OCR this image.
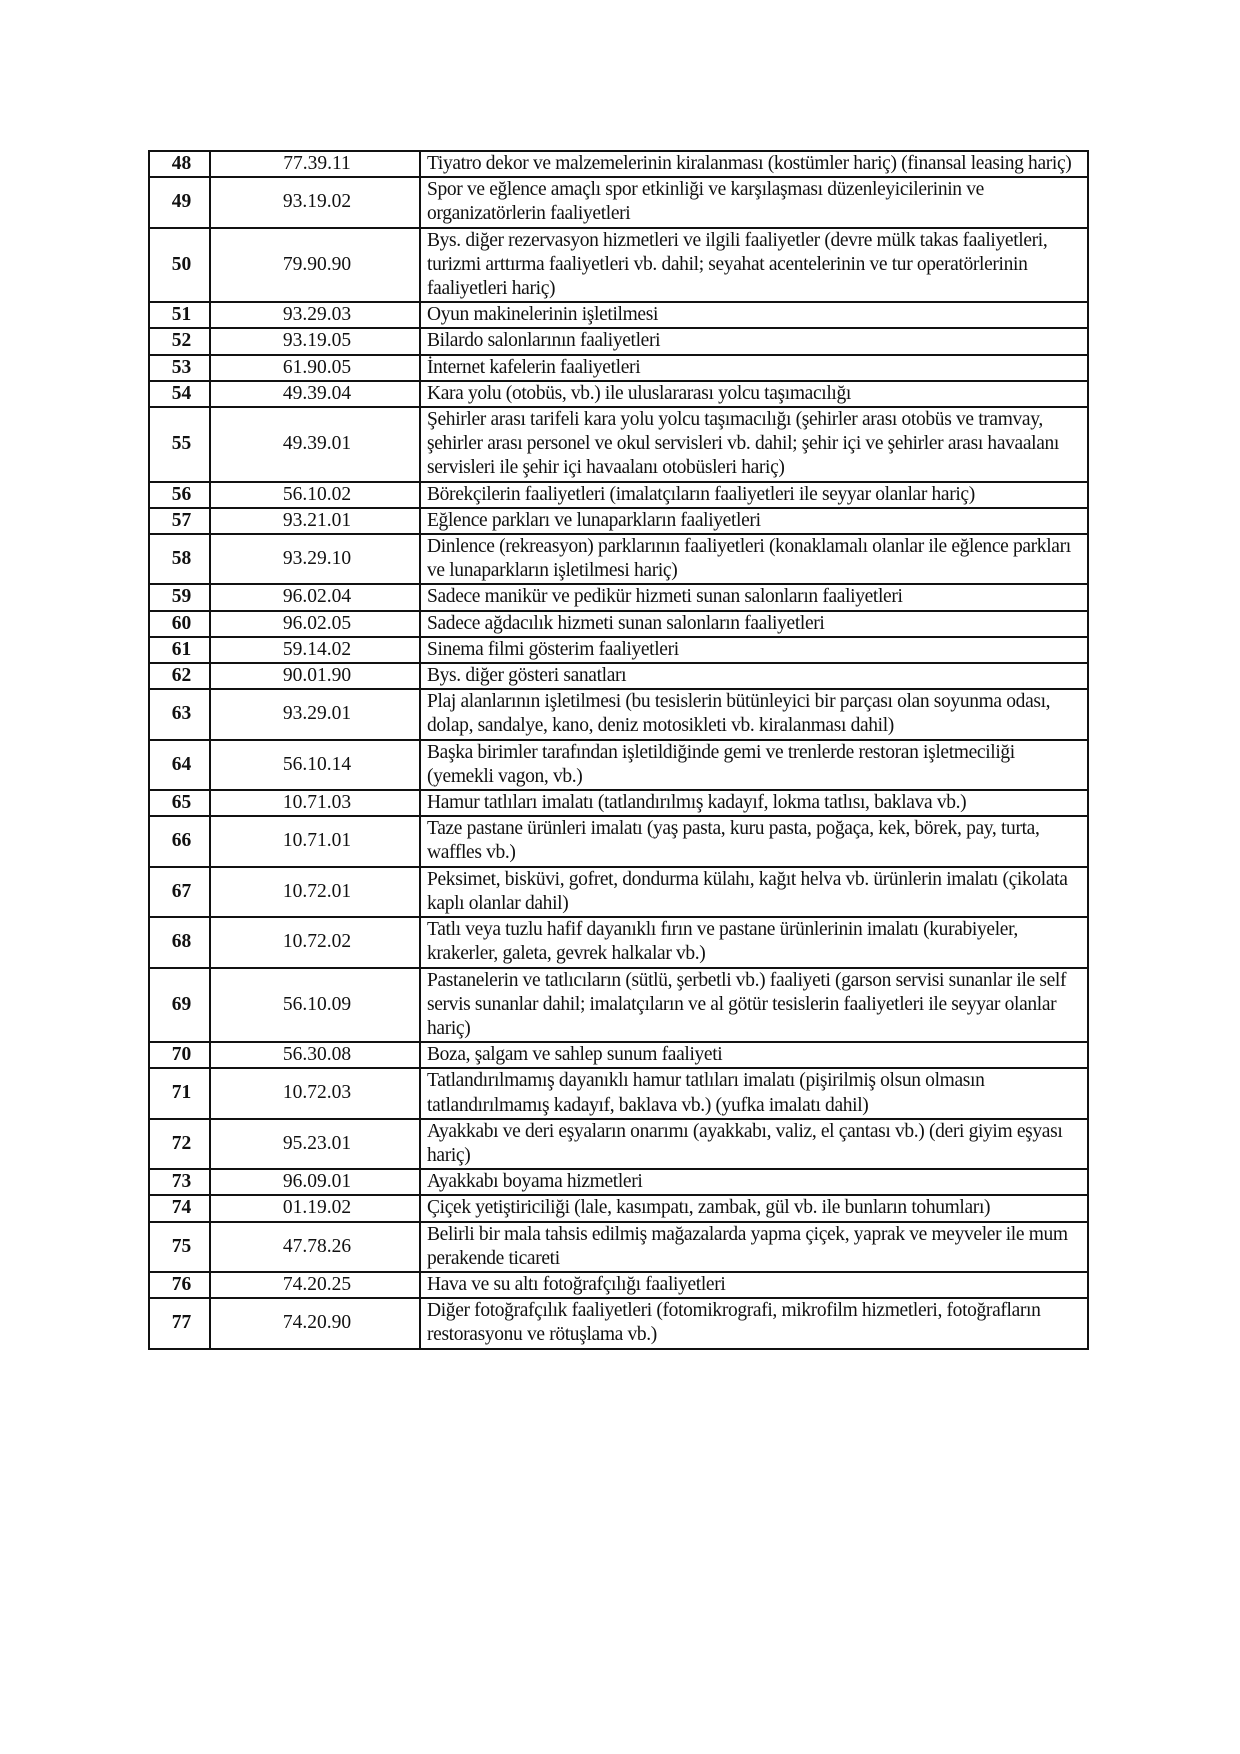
48	77.39.11	Tiyatro dekor ve malzemelerinin kiralanması (kostümler hariç) (finansal leasing hariç)
49	93.19.02	Spor ve eğlence amaçlı spor etkinliği ve karşılaşması düzenleyicilerinin ve organizatörlerin faaliyetleri
50	79.90.90	Bys. diğer rezervasyon hizmetleri ve ilgili faaliyetler (devre mülk takas faaliyetleri, turizmi arttırma faaliyetleri vb. dahil; seyahat acentelerinin ve tur operatörlerinin faaliyetleri hariç)
51	93.29.03	Oyun makinelerinin işletilmesi
52	93.19.05	Bilardo salonlarının faaliyetleri
53	61.90.05	İnternet kafelerin faaliyetleri
54	49.39.04	Kara yolu (otobüs, vb.) ile uluslararası yolcu taşımacılığı
55	49.39.01	Şehirler arası tarifeli kara yolu yolcu taşımacılığı (şehirler arası otobüs ve tramvay, şehirler arası personel ve okul servisleri vb. dahil; şehir içi ve şehirler arası havaalanı servisleri ile şehir içi havaalanı otobüsleri hariç)
56	56.10.02	Börekçilerin faaliyetleri (imalatçıların faaliyetleri ile seyyar olanlar hariç)
57	93.21.01	Eğlence parkları ve lunaparkların faaliyetleri
58	93.29.10	Dinlence (rekreasyon) parklarının faaliyetleri (konaklamalı olanlar ile eğlence parkları ve lunaparkların işletilmesi hariç)
59	96.02.04	Sadece manikür ve pedikür hizmeti sunan salonların faaliyetleri
60	96.02.05	Sadece ağdacılık hizmeti sunan salonların faaliyetleri
61	59.14.02	Sinema filmi gösterim faaliyetleri
62	90.01.90	Bys. diğer gösteri sanatları
63	93.29.01	Plaj alanlarının işletilmesi (bu tesislerin bütünleyici bir parçası olan soyunma odası, dolap, sandalye, kano, deniz motosikleti vb. kiralanması dahil)
64	56.10.14	Başka birimler tarafından işletildiğinde gemi ve trenlerde restoran işletmeciliği (yemekli vagon, vb.)
65	10.71.03	Hamur tatlıları imalatı (tatlandırılmış kadayıf, lokma tatlısı, baklava vb.)
66	10.71.01	Taze pastane ürünleri imalatı (yaş pasta, kuru pasta, poğaça, kek, börek, pay, turta, waffles vb.)
67	10.72.01	Peksimet, bisküvi, gofret, dondurma külahı, kağıt helva vb. ürünlerin imalatı (çikolata kaplı olanlar dahil)
68	10.72.02	Tatlı veya tuzlu hafif dayanıklı fırın ve pastane ürünlerinin imalatı (kurabiyeler, krakerler, galeta, gevrek halkalar vb.)
69	56.10.09	Pastanelerin ve tatlıcıların (sütlü, şerbetli vb.) faaliyeti (garson servisi sunanlar ile self servis sunanlar dahil; imalatçıların ve al götür tesislerin faaliyetleri ile seyyar olanlar hariç)
70	56.30.08	Boza, şalgam ve sahlep sunum faaliyeti
71	10.72.03	Tatlandırılmamış dayanıklı hamur tatlıları imalatı (pişirilmiş olsun olmasın tatlandırılmamış kadayıf, baklava vb.) (yufka imalatı dahil)
72	95.23.01	Ayakkabı ve deri eşyaların onarımı (ayakkabı, valiz, el çantası vb.) (deri giyim eşyası hariç)
73	96.09.01	Ayakkabı boyama hizmetleri
74	01.19.02	Çiçek yetiştiriciliği (lale, kasımpatı, zambak, gül vb. ile bunların tohumları)
75	47.78.26	Belirli bir mala tahsis edilmiş mağazalarda yapma çiçek, yaprak ve meyveler ile mum perakende ticareti
76	74.20.25	Hava ve su altı fotoğrafçılığı faaliyetleri
77	74.20.90	Diğer fotoğrafçılık faaliyetleri (fotomikrografi, mikrofilm hizmetleri, fotoğrafların restorasyonu ve rötuşlama vb.)
